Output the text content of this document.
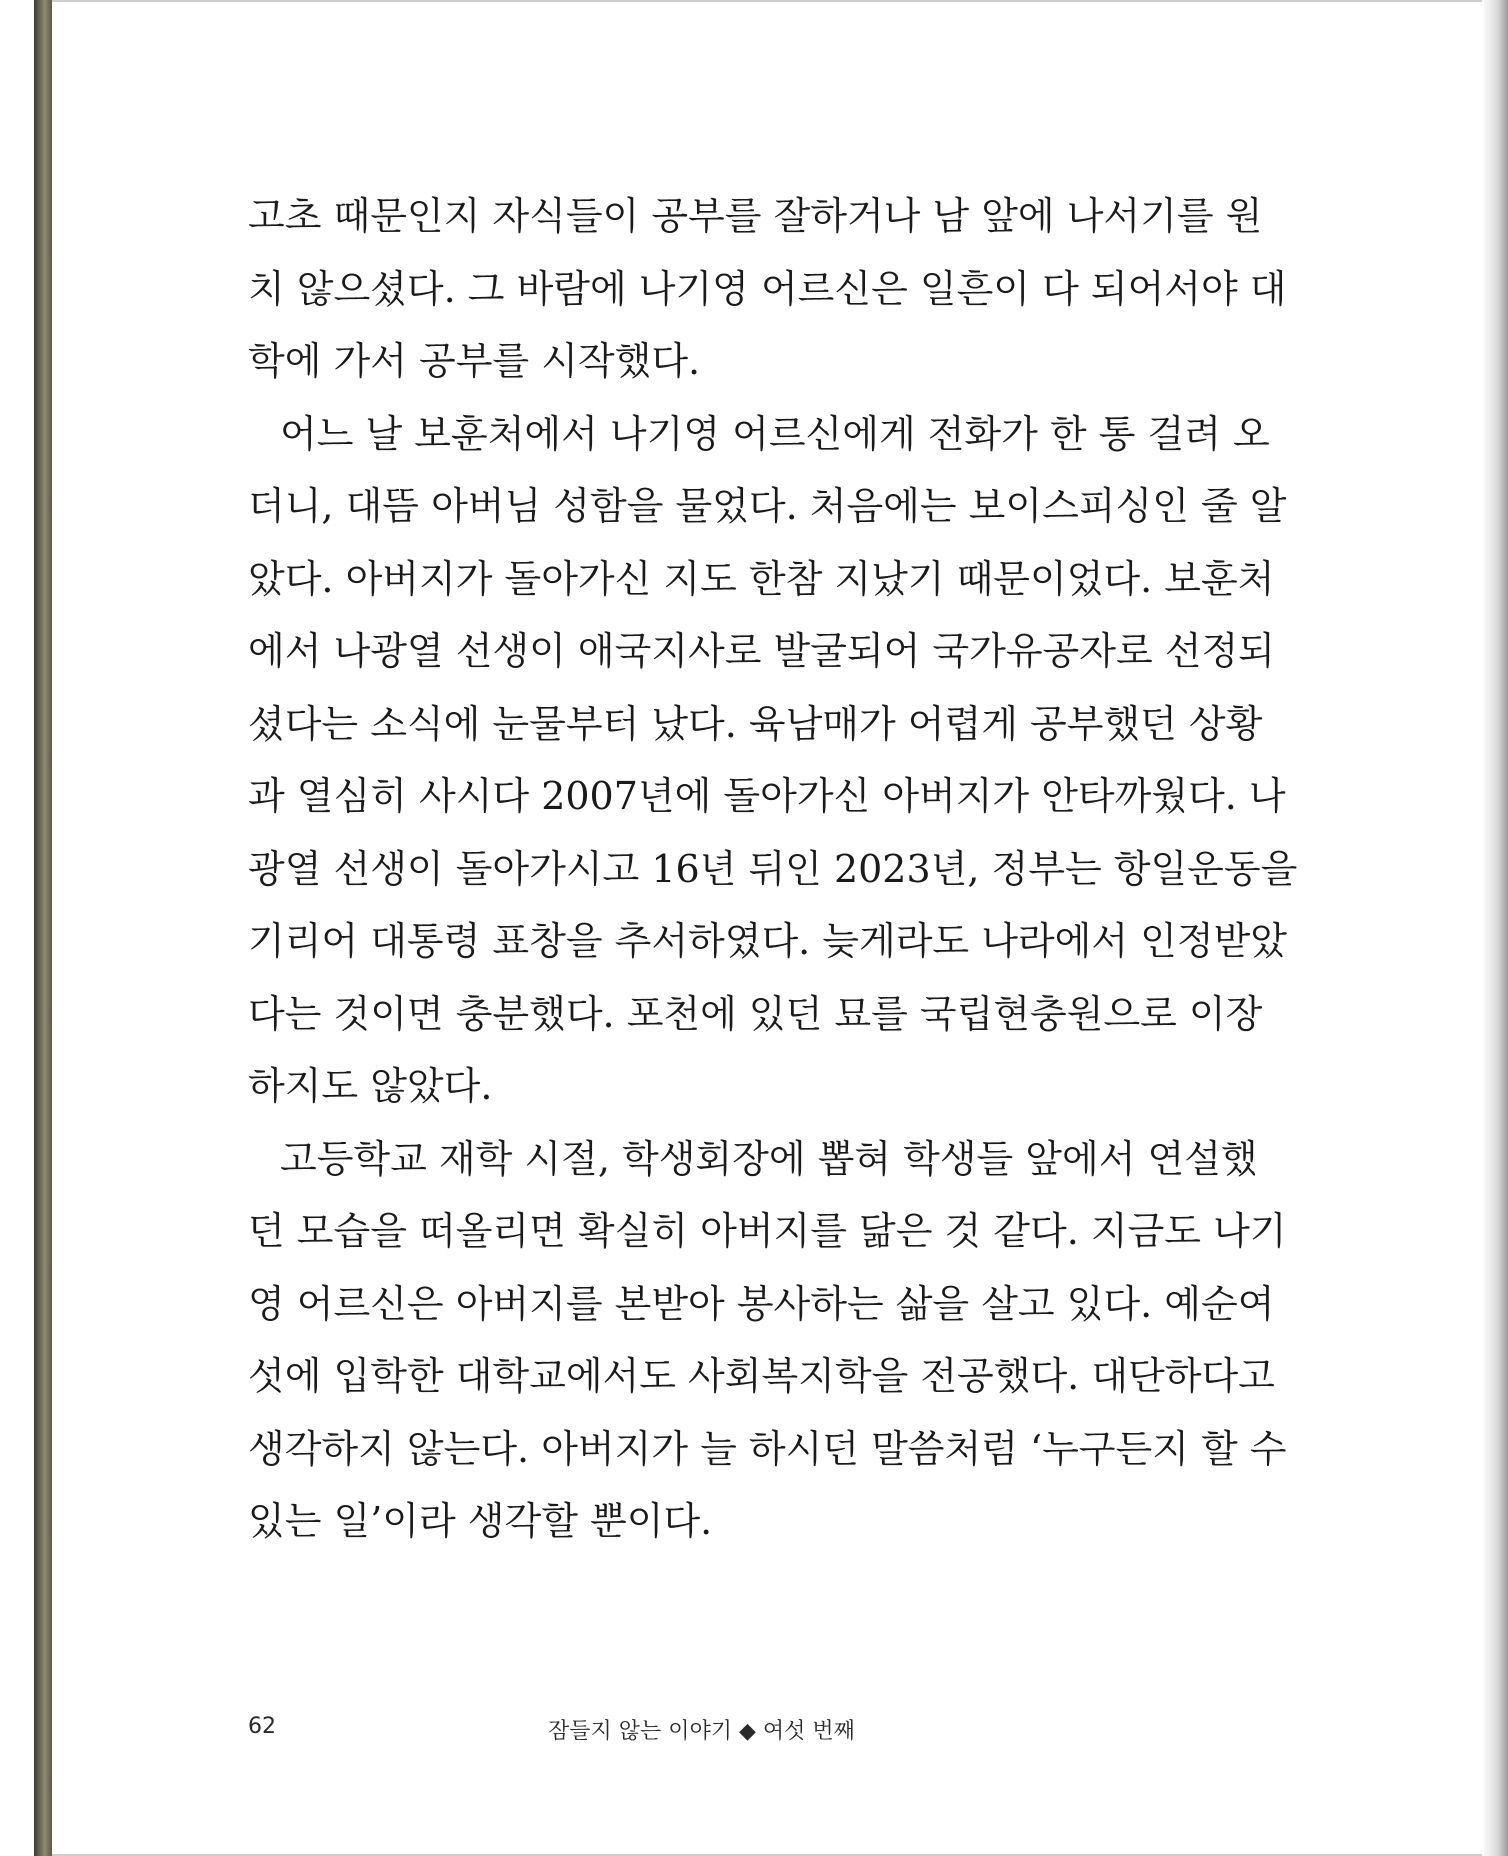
고초 때문인지 자식들이 공부를 잘하거나 남 앞에 나서기를 원
치 않으셨다. 그 바람에 나기영 어르신은 일흔이 다 되어서야 대
학에 가서 공부를 시작했다.
어느 날 보훈처에서 나기영 어르신에게 전화가 한 통 걸려 오
더니, 대뜸 아버님 성함을 물었다. 처음에는 보이스피싱인 줄 알
았다. 아버지가 돌아가신 지도 한참 지났기 때문이었다. 보훈처
에서 나광열 선생이 애국지사로 발굴되어 국가유공자로 선정되
셨다는 소식에 눈물부터 났다. 육남매가 어렵게 공부했던 상황
과 열심히 사시다 2007년에 돌아가신 아버지가 안타까웠다. 나
광열 선생이 돌아가시고 16년 뒤인 2023년, 정부는 항일운동을
기리어 대통령 표창을 추서하였다. 늦게라도 나라에서 인정받았
다는 것이면 충분했다. 포천에 있던 묘를 국립현충원으로 이장
하지도 않았다.
고등학교 재학 시절, 학생회장에 뽑혀 학생들 앞에서 연설했
던 모습을 떠올리면 확실히 아버지를 닮은 것 같다. 지금도 나기
영 어르신은 아버지를 본받아 봉사하는 삶을 살고 있다. 예순여
섯에 입학한 대학교에서도 사회복지학을 전공했다. 대단하다고
생각하지 않는다. 아버지가 늘 하시던 말씀처럼 ‘누구든지 할 수
있는 일’이라 생각할 뿐이다.
62	잠들지 않는 이야기 ◆ 여섯 번째
